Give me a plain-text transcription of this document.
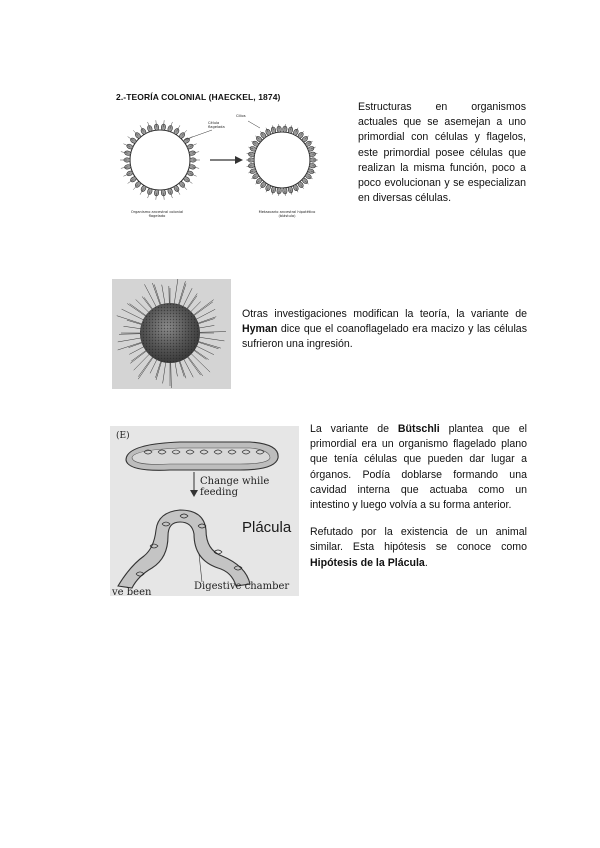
2.-TEORÍA COLONIAL (HAECKEL, 1874)
Célula flagelada
Cilios
Organismo ancestral colonial flagelado
Metazoario ancestral hipotético (blástula)

Estructuras en organismos actuales que se asemejan a uno primordial con células y flagelos, este primordial posee células que realizan la misma función, poco a poco evolucionan y se especializan en diversas células.

Otras investigaciones modifican la teoría, la variante de Hyman dice que el coanoflagelado era macizo y las células sufrieron una ingresión.

(E)
Change while feeding
Plácula
Digestive chamber
ve been

La variante de Bütschli plantea que el primordial era un organismo flagelado plano que tenía células que pueden dar lugar a órganos. Podía doblarse formando una cavidad interna que actuaba como un intestino y luego volvía a su forma anterior.

Refutado por la existencia de un animal similar. Esta hipótesis se conoce como Hipótesis de la Plácula.
